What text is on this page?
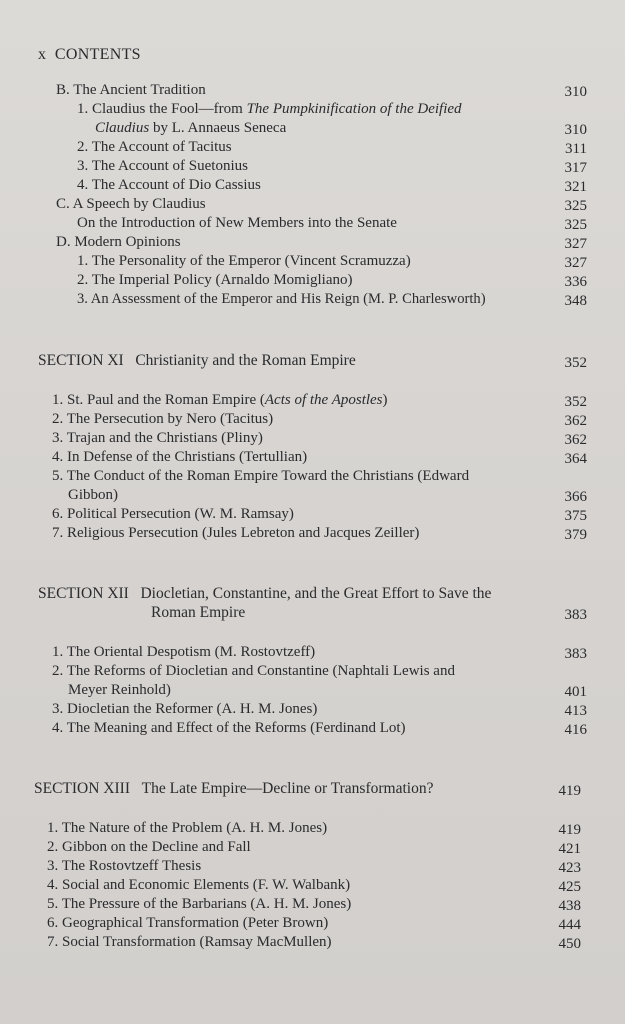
x CONTENTS
B. The Ancient Tradition	310
1. Claudius the Fool—from The Pumpkinification of the Deified
Claudius by L. Annaeus Seneca	310
2. The Account of Tacitus	311
3. The Account of Suetonius	317
4. The Account of Dio Cassius	321
C. A Speech by Claudius	325
On the Introduction of New Members into the Senate	325
D. Modern Opinions	327
1. The Personality of the Emperor (Vincent Scramuzza)	327
2. The Imperial Policy (Arnaldo Momigliano)	336
3. An Assessment of the Emperor and His Reign (M. P. Charlesworth)	348
SECTION XI Christianity and the Roman Empire	352
1. St. Paul and the Roman Empire (Acts of the Apostles)	352
2. The Persecution by Nero (Tacitus)	362
3. Trajan and the Christians (Pliny)	362
4. In Defense of the Christians (Tertullian)	364
5. The Conduct of the Roman Empire Toward the Christians (Edward
Gibbon)	366
6. Political Persecution (W. M. Ramsay)	375
7. Religious Persecution (Jules Lebreton and Jacques Zeiller)	379
SECTION XII Diocletian, Constantine, and the Great Effort to Save the
Roman Empire	383
1. The Oriental Despotism (M. Rostovtzeff)	383
2. The Reforms of Diocletian and Constantine (Naphtali Lewis and
Meyer Reinhold)	401
3. Diocletian the Reformer (A. H. M. Jones)	413
4. The Meaning and Effect of the Reforms (Ferdinand Lot)	416
SECTION XIII The Late Empire—Decline or Transformation?	419
1. The Nature of the Problem (A. H. M. Jones)	419
2. Gibbon on the Decline and Fall	421
3. The Rostovtzeff Thesis	423
4. Social and Economic Elements (F. W. Walbank)	425
5. The Pressure of the Barbarians (A. H. M. Jones)	438
6. Geographical Transformation (Peter Brown)	444
7. Social Transformation (Ramsay MacMullen)	450
